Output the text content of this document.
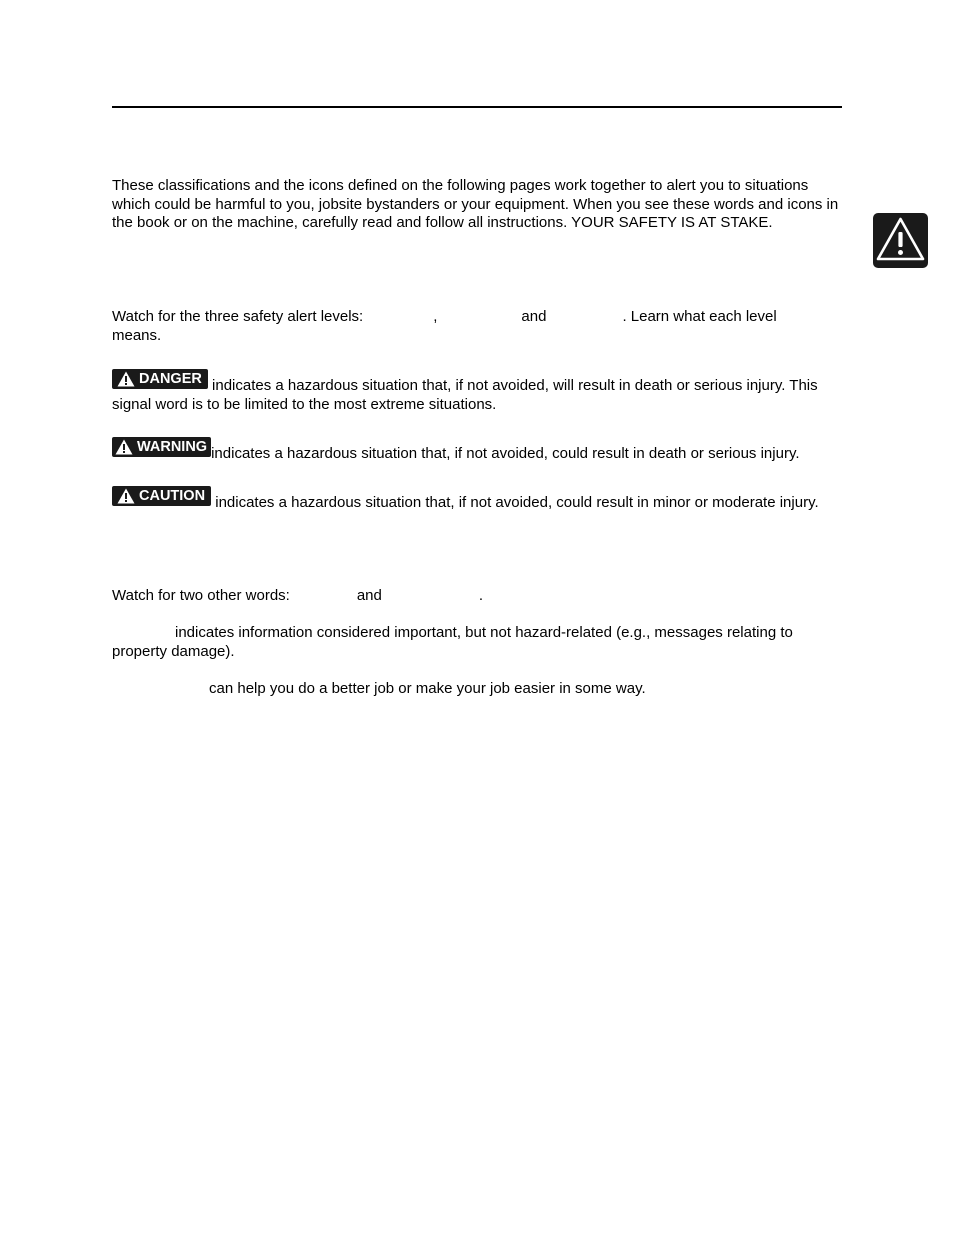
These classifications and the icons defined on the following pages work together to alert you to situations which could be harmful to you, jobsite bystanders or your equipment. When you see these words and icons in the book or on the machine, carefully read and follow all instructions. YOUR SAFETY IS AT STAKE.

Watch for the three safety alert levels:	,	and	. Learn what each level
means.

DANGER indicates a hazardous situation that, if not avoided, will result in death or serious injury. This signal word is to be limited to the most extreme situations.

WARNING indicates a hazardous situation that, if not avoided, could result in death or serious injury.

CAUTION indicates a hazardous situation that, if not avoided, could result in minor or moderate injury.

Watch for two other words:	and	.

indicates information considered important, but not hazard-related (e.g., messages relating to property damage).

can help you do a better job or make your job easier in some way.
